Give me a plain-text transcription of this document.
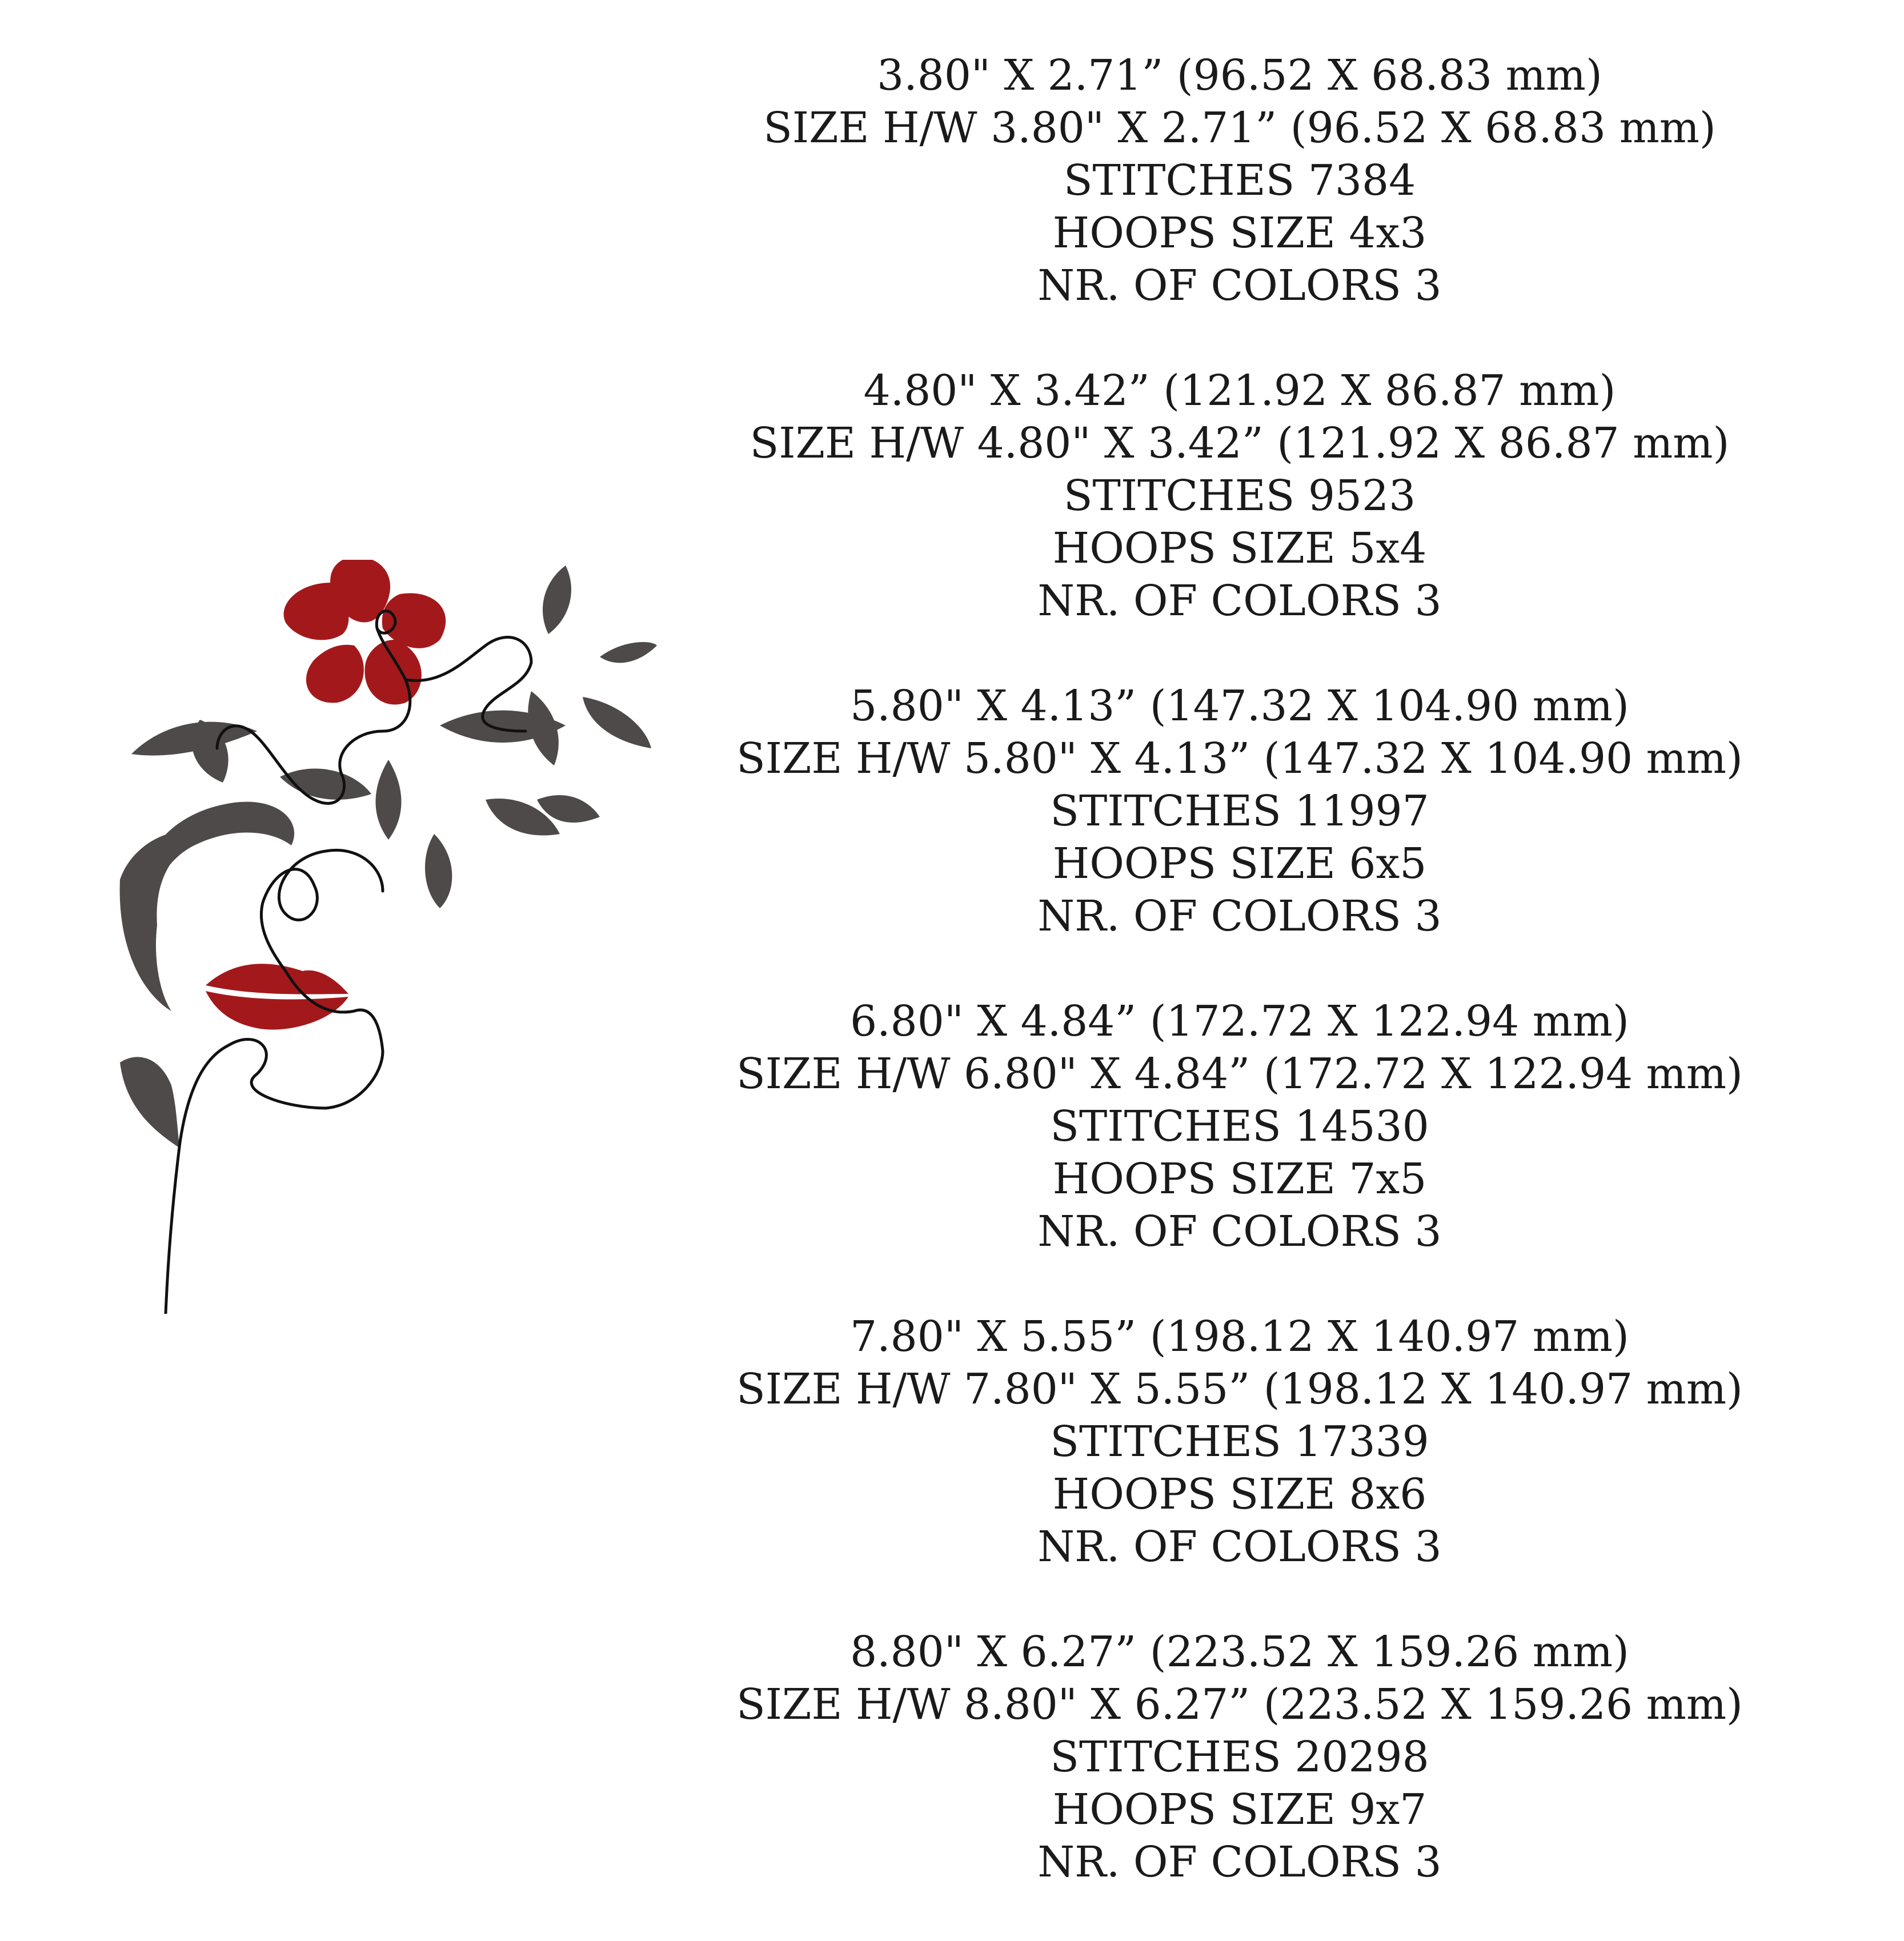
3.80" X 2.71” (96.52 X 68.83 mm)
SIZE H/W 3.80" X 2.71” (96.52 X 68.83 mm)
STITCHES 7384
HOOPS SIZE 4x3
NR. OF COLORS 3
4.80" X 3.42” (121.92 X 86.87 mm)
SIZE H/W 4.80" X 3.42” (121.92 X 86.87 mm)
STITCHES 9523
HOOPS SIZE 5x4
NR. OF COLORS 3
5.80" X 4.13” (147.32 X 104.90 mm)
SIZE H/W 5.80" X 4.13” (147.32 X 104.90 mm)
STITCHES 11997
HOOPS SIZE 6x5
NR. OF COLORS 3
6.80" X 4.84” (172.72 X 122.94 mm)
SIZE H/W 6.80" X 4.84” (172.72 X 122.94 mm)
STITCHES 14530
HOOPS SIZE 7x5
NR. OF COLORS 3
7.80" X 5.55” (198.12 X 140.97 mm)
SIZE H/W 7.80" X 5.55” (198.12 X 140.97 mm)
STITCHES 17339
HOOPS SIZE 8x6
NR. OF COLORS 3
8.80" X 6.27” (223.52 X 159.26 mm)
SIZE H/W 8.80" X 6.27” (223.52 X 159.26 mm)
STITCHES 20298
HOOPS SIZE 9x7
NR. OF COLORS 3
